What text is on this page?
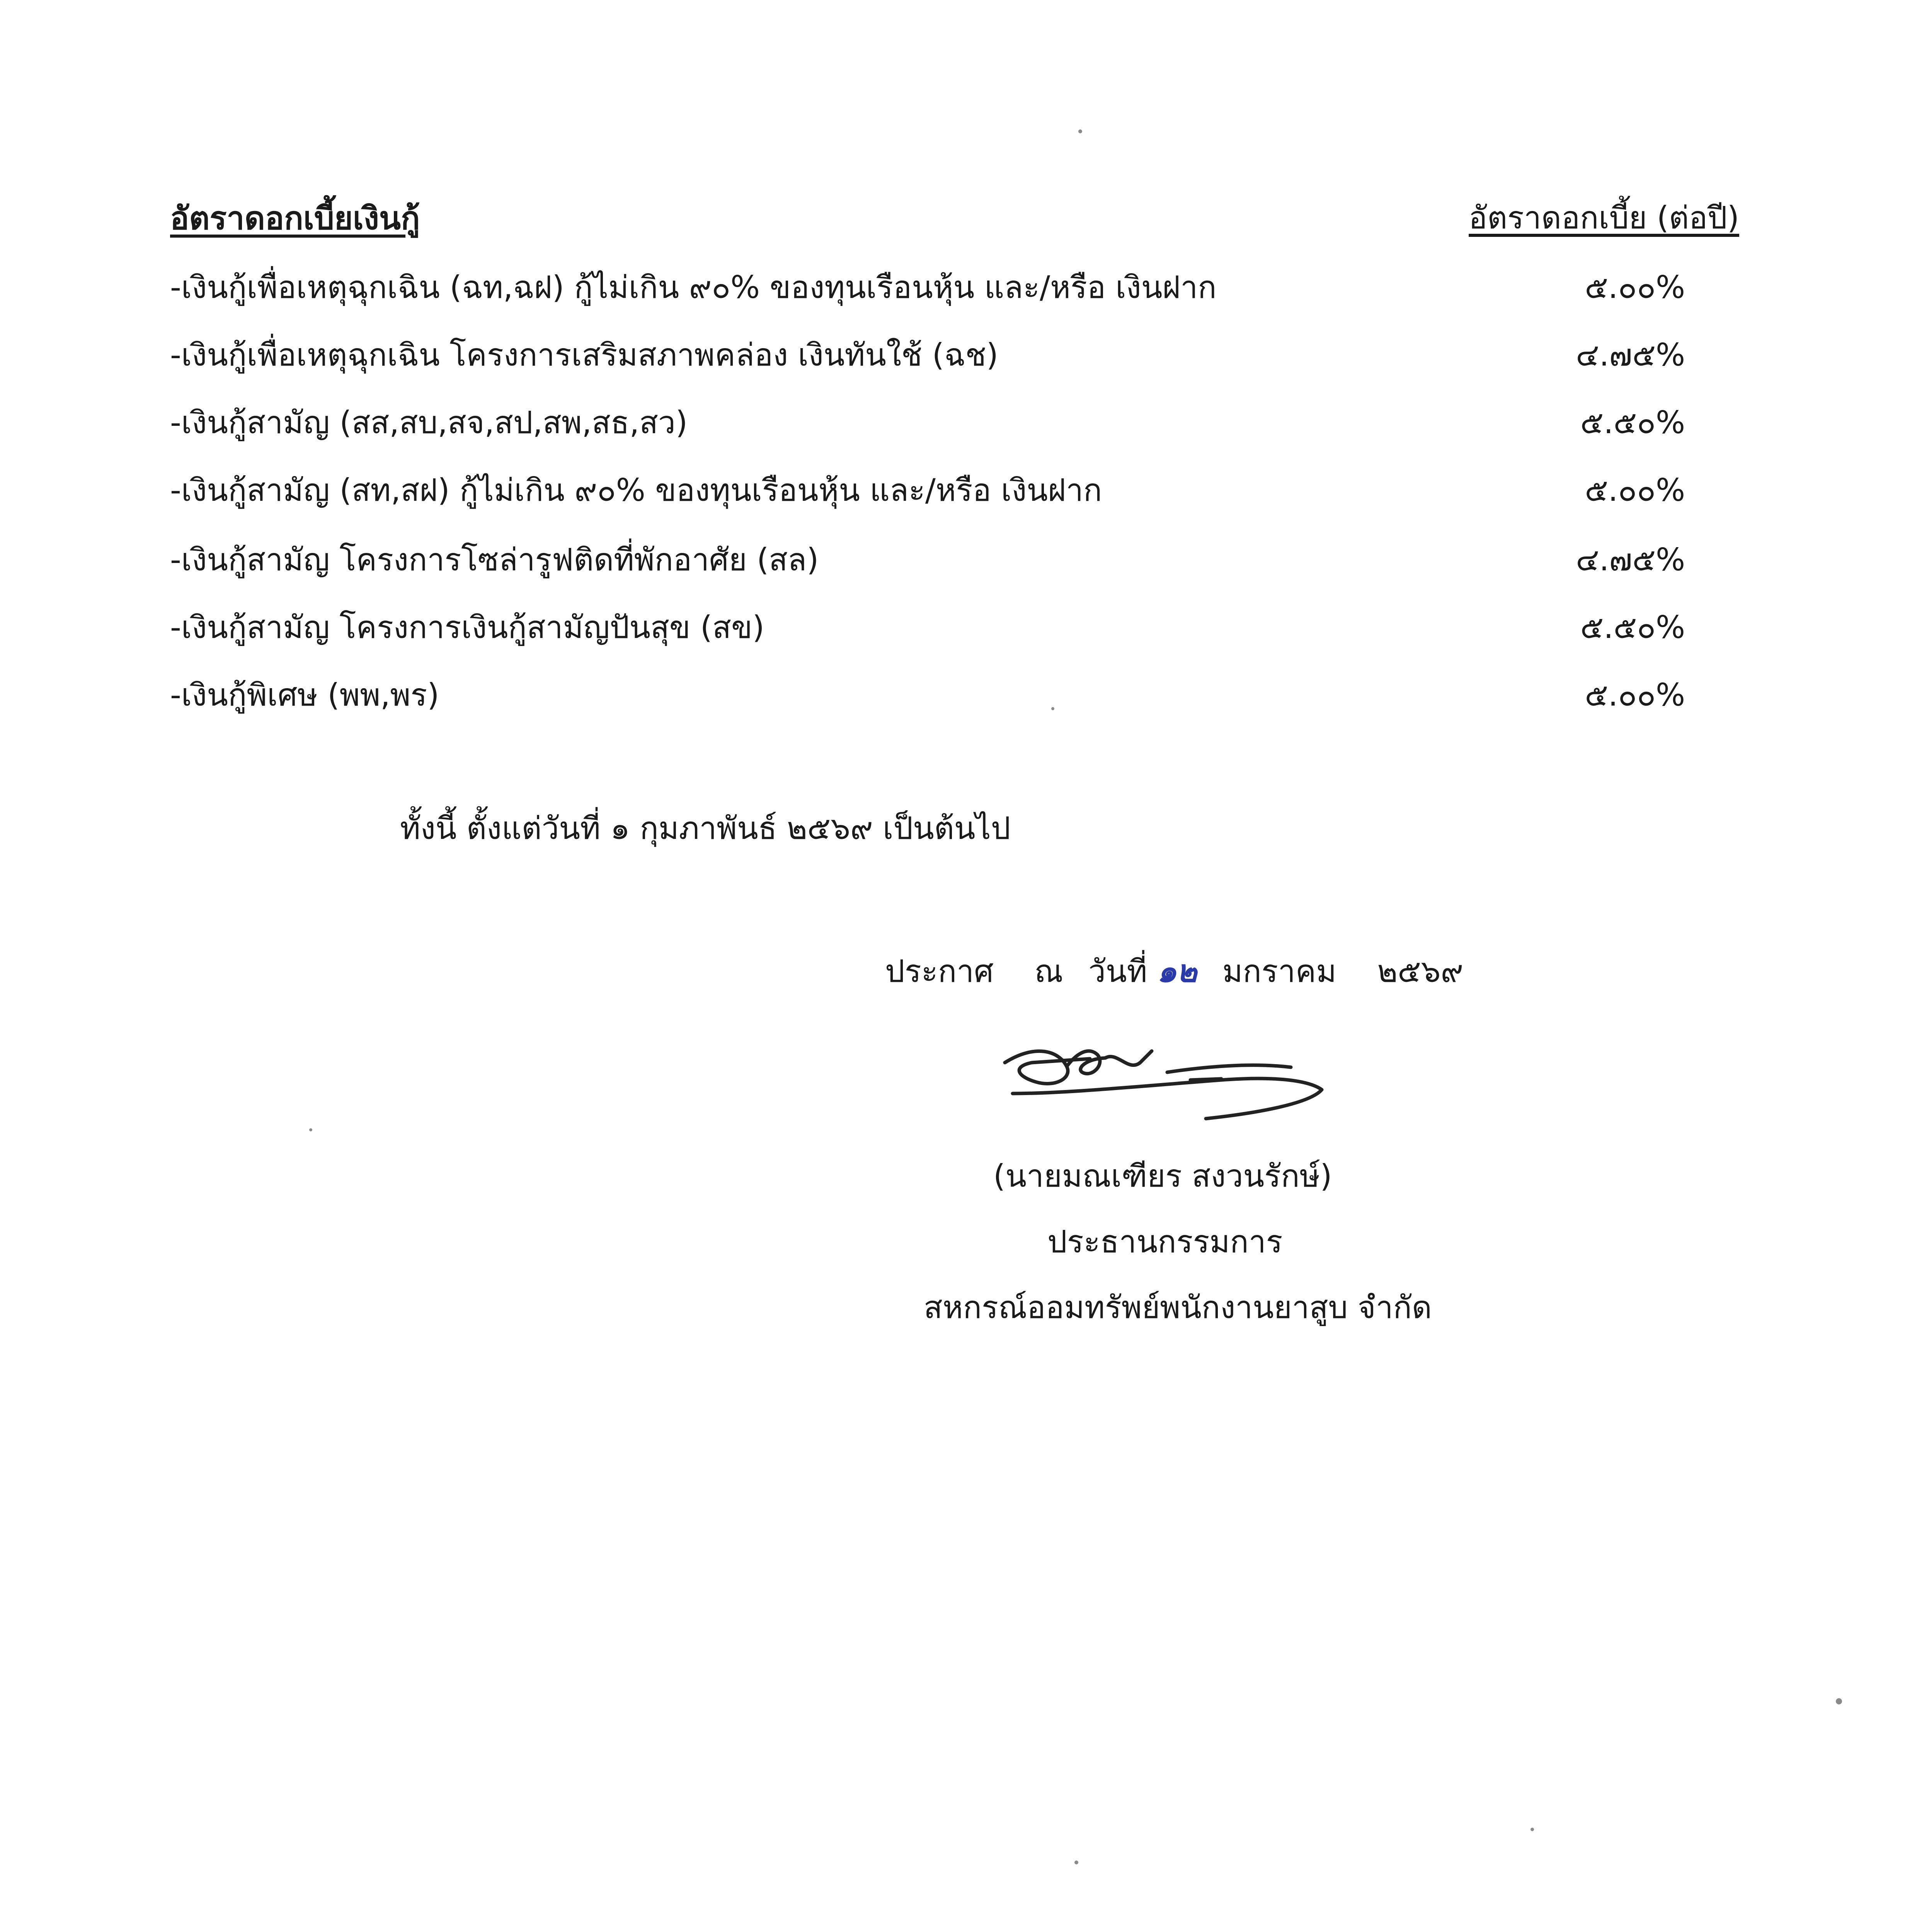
อัตราดอกเบี้ยเงินกู้	อัตราดอกเบี้ย (ต่อปี)
-เงินกู้เพื่อเหตุฉุกเฉิน (ฉท,ฉฝ) กู้ไม่เกิน ๙๐% ของทุนเรือนหุ้น และ/หรือ เงินฝาก	๕.๐๐%
-เงินกู้เพื่อเหตุฉุกเฉิน โครงการเสริมสภาพคล่อง เงินทันใช้ (ฉช)	๔.๗๕%
-เงินกู้สามัญ (สส,สบ,สจ,สป,สพ,สธ,สว)	๕.๕๐%
-เงินกู้สามัญ (สท,สฝ) กู้ไม่เกิน ๙๐% ของทุนเรือนหุ้น และ/หรือ เงินฝาก	๕.๐๐%
-เงินกู้สามัญ โครงการโซล่ารูฟติดที่พักอาศัย (สล)	๔.๗๕%
-เงินกู้สามัญ โครงการเงินกู้สามัญปันสุข (สข)	๕.๕๐%
-เงินกู้พิเศษ (พพ,พร)	๕.๐๐%
ทั้งนี้ ตั้งแต่วันที่ ๑ กุมภาพันธ์ ๒๕๖๙ เป็นต้นไป
ประกาศ ณ วันที่ ๑๒ มกราคม ๒๕๖๙
(นายมณเฑียร สงวนรักษ์)
ประธานกรรมการ
สหกรณ์ออมทรัพย์พนักงานยาสูบ จำกัด
